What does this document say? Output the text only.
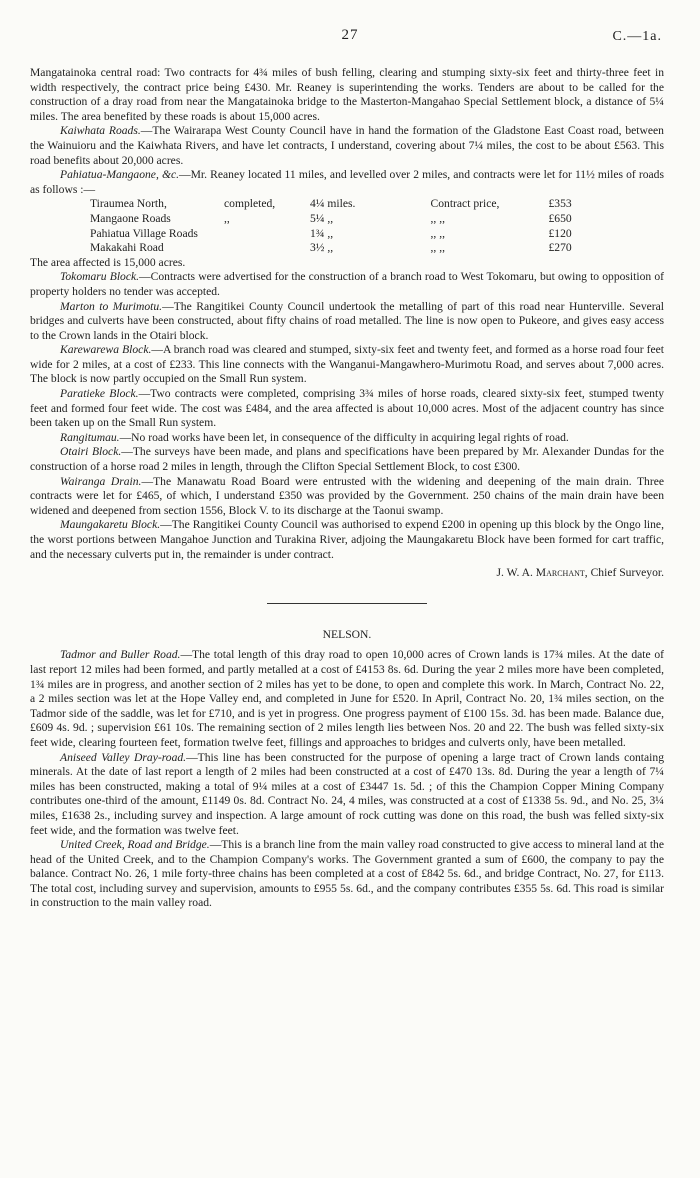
27	C.—1a.

Mangatainoka central road: Two contracts for 4¾ miles of bush felling, clearing and stumping sixty-six feet and thirty-three feet in width respectively, the contract price being £430. Mr. Reaney is superintending the works. Tenders are about to be called for the construction of a dray road from near the Mangatainoka bridge to the Masterton-Mangahao Special Settlement block, a distance of 5¼ miles. The area benefited by these roads is about 15,000 acres.

Kaiwhata Roads.—The Wairarapa West County Council have in hand the formation of the Gladstone East Coast road, between the Wainuioru and the Kaiwhata Rivers, and have let contracts, I understand, covering about 7¼ miles, the cost to be about £563. This road benefits about 20,000 acres.

Pahiatua-Mangaone, &c.—Mr. Reaney located 11 miles, and levelled over 2 miles, and contracts were let for 11½ miles of roads as follows :—

Tiraumea North,	completed,	4¼ miles.	Contract price,	£353
Mangaone Roads	,,	5¼ ,,	,, ,,	£650
Pahiatua Village Roads		1¾ ,,	,, ,,	£120
Makakahi Road		3½ ,,	,, ,,	£270

The area affected is 15,000 acres.

Tokomaru Block.—Contracts were advertised for the construction of a branch road to West Tokomaru, but owing to opposition of property holders no tender was accepted.

Marton to Murimotu.—The Rangitikei County Council undertook the metalling of part of this road near Hunterville. Several bridges and culverts have been constructed, about fifty chains of road metalled. The line is now open to Pukeore, and gives easy access to the Crown lands in the Otairi block.

Karewarewa Block.—A branch road was cleared and stumped, sixty-six feet and twenty feet, and formed as a horse road four feet wide for 2 miles, at a cost of £233. This line connects with the Wanganui-Mangawhero-Murimotu Road, and serves about 7,000 acres. The block is now partly occupied on the Small Run system.

Paratieke Block.—Two contracts were completed, comprising 3¾ miles of horse roads, cleared sixty-six feet, stumped twenty feet and formed four feet wide. The cost was £484, and the area affected is about 10,000 acres. Most of the adjacent country has since been taken up on the Small Run system.

Rangitumau.—No road works have been let, in consequence of the difficulty in acquiring legal rights of road.

Otairi Block.—The surveys have been made, and plans and specifications have been prepared by Mr. Alexander Dundas for the construction of a horse road 2 miles in length, through the Clifton Special Settlement Block, to cost £300.

Wairanga Drain.—The Manawatu Road Board were entrusted with the widening and deepening of the main drain. Three contracts were let for £465, of which, I understand £350 was provided by the Government. 250 chains of the main drain have been widened and deepened from section 1556, Block V. to its discharge at the Taonui swamp.

Maungakaretu Block.—The Rangitikei County Council was authorised to expend £200 in opening up this block by the Ongo line, the worst portions between Mangahoe Junction and Turakina River, adjoing the Maungakaretu Block have been formed for cart traffic, and the necessary culverts put in, the remainder is under contract.

J. W. A. Marchant, Chief Surveyor.

NELSON.

Tadmor and Buller Road.—The total length of this dray road to open 10,000 acres of Crown lands is 17¾ miles. At the date of last report 12 miles had been formed, and partly metalled at a cost of £4153 8s. 6d. During the year 2 miles more have been completed, 1¾ miles are in progress, and another section of 2 miles has yet to be done, to open and complete this work. In March, Contract No. 22, a 2 miles section was let at the Hope Valley end, and completed in June for £520. In April, Contract No. 20, 1¾ miles section, on the Tadmor side of the saddle, was let for £710, and is yet in progress. One progress payment of £100 15s. 3d. has been made. Balance due, £609 4s. 9d. ; supervision £61 10s. The remaining section of 2 miles length lies between Nos. 20 and 22. The bush was felled sixty-six feet wide, clearing fourteen feet, formation twelve feet, fillings and approaches to bridges and culverts only, have been metalled.

Aniseed Valley Dray-road.—This line has been constructed for the purpose of opening a large tract of Crown lands containg minerals. At the date of last report a length of 2 miles had been constructed at a cost of £470 13s. 8d. During the year a length of 7¼ miles has been constructed, making a total of 9¼ miles at a cost of £3447 1s. 5d. ; of this the Champion Copper Mining Company contributes one-third of the amount, £1149 0s. 8d. Contract No. 24, 4 miles, was constructed at a cost of £1338 5s. 9d., and No. 25, 3¼ miles, £1638 2s., including survey and inspection. A large amount of rock cutting was done on this road, the bush was felled sixty-six feet wide, and the formation was twelve feet.

United Creek, Road and Bridge.—This is a branch line from the main valley road constructed to give access to mineral land at the head of the United Creek, and to the Champion Company's works. The Government granted a sum of £600, the company to pay the balance. Contract No. 26, 1 mile forty-three chains has been completed at a cost of £842 5s. 6d., and bridge Contract, No. 27, for £113. The total cost, including survey and supervision, amounts to £955 5s. 6d., and the company contributes £355 5s. 6d. This road is similar in construction to the main valley road.
